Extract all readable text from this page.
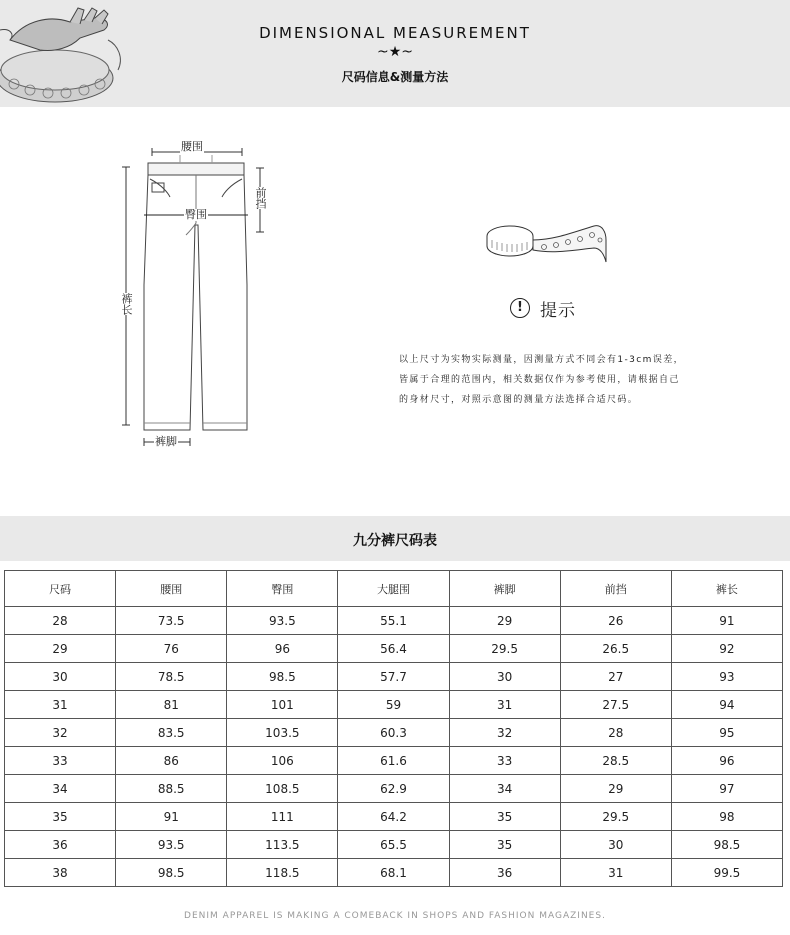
DIMENSIONAL MEASUREMENT
~★~
尺码信息&测量方法
腰围
臀围
前挡
裤长
裤脚
!	提示
以上尺寸为实物实际测量，因测量方式不同会有1-3cm误差，
皆属于合理的范围内，相关数据仅作为参考使用，请根据自己
的身材尺寸，对照示意图的测量方法选择合适尺码。
九分裤尺码表
尺码	腰围	臀围	大腿围	裤脚	前挡	裤长
28	73.5	93.5	55.1	29	26	91
29	76	96	56.4	29.5	26.5	92
30	78.5	98.5	57.7	30	27	93
31	81	101	59	31	27.5	94
32	83.5	103.5	60.3	32	28	95
33	86	106	61.6	33	28.5	96
34	88.5	108.5	62.9	34	29	97
35	91	111	64.2	35	29.5	98
36	93.5	113.5	65.5	35	30	98.5
38	98.5	118.5	68.1	36	31	99.5
DENIM APPAREL IS MAKING A COMEBACK IN SHOPS AND FASHION MAGAZINES.
